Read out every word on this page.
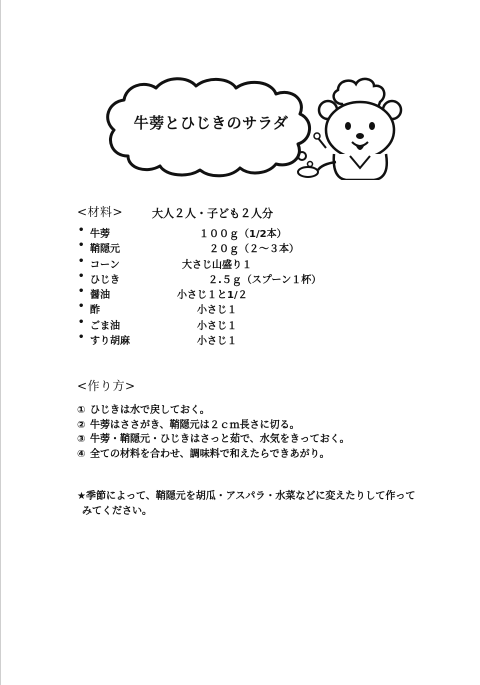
牛蒡とひじきのサラダ
<材料>	大人２人・子ども２人分
• 牛蒡	１００ｇ（1/2本）
• 鞘隠元	２０ｇ（２〜３本）
• コーン	大さじ山盛り１
• ひじき	２.５ｇ（スプーン１杯）
• 醤油	小さじ１と1/２
• 酢	小さじ１
• ごま油	小さじ１
• すり胡麻	小さじ１
<作り方>
① ひじきは水で戻しておく。
② 牛蒡はささがき、鞘隠元は２ｃｍ長さに切る。
③ 牛蒡・鞘隠元・ひじきはさっと茹で、水気をきっておく。
④ 全ての材料を合わせ、調味料で和えたらできあがり。
★季節によって、鞘隠元を胡瓜・アスパラ・水菜などに変えたりして作って
みてください。
